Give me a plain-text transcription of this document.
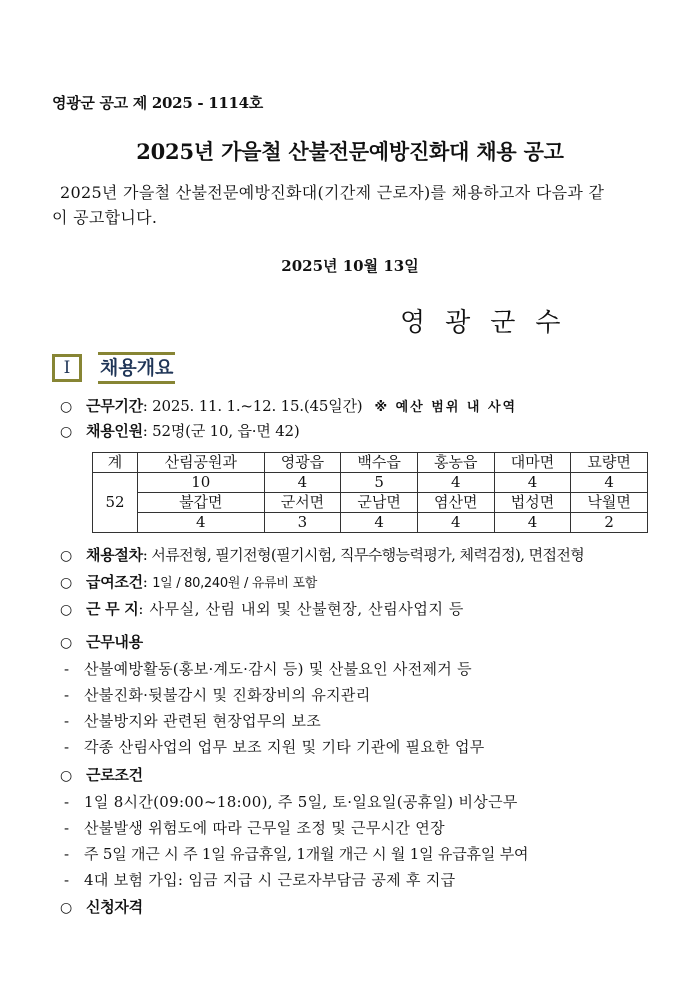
영광군 공고 제 2025 - 1114호
2025년 가을철 산불전문예방진화대 채용 공고
2025년 가을철 산불전문예방진화대(기간제 근로자)를 채용하고자 다음과 같
이 공고합니다.
2025년 10월 13일
영광군수
I	채용개요
○ 근무기간: 2025. 11. 1.~12. 15.(45일간) ※ 예산 범위 내 사역
○ 채용인원: 52명(군 10, 읍·면 42)
계	산림공원과	영광읍	백수읍	홍농읍	대마면	묘량면
52	10	4	5	4	4	4
	불갑면	군서면	군남면	염산면	법성면	낙월면
	4	3	4	4	4	2
○ 채용절차: 서류전형, 필기전형(필기시험, 직무수행능력평가, 체력검정), 면접전형
○ 급여조건: 1일 / 80,240원 / 유류비 포함
○ 근 무 지: 사무실, 산림 내외 및 산불현장, 산림사업지 등
○ 근무내용
- 산불예방활동(홍보·계도·감시 등) 및 산불요인 사전제거 등
- 산불진화·뒷불감시 및 진화장비의 유지관리
- 산불방지와 관련된 현장업무의 보조
- 각종 산림사업의 업무 보조 지원 및 기타 기관에 필요한 업무
○ 근로조건
- 1일 8시간(09:00~18:00), 주 5일, 토·일요일(공휴일) 비상근무
- 산불발생 위험도에 따라 근무일 조정 및 근무시간 연장
- 주 5일 개근 시 주 1일 유급휴일, 1개월 개근 시 월 1일 유급휴일 부여
- 4대 보험 가입: 임금 지급 시 근로자부담금 공제 후 지급
○ 신청자격
